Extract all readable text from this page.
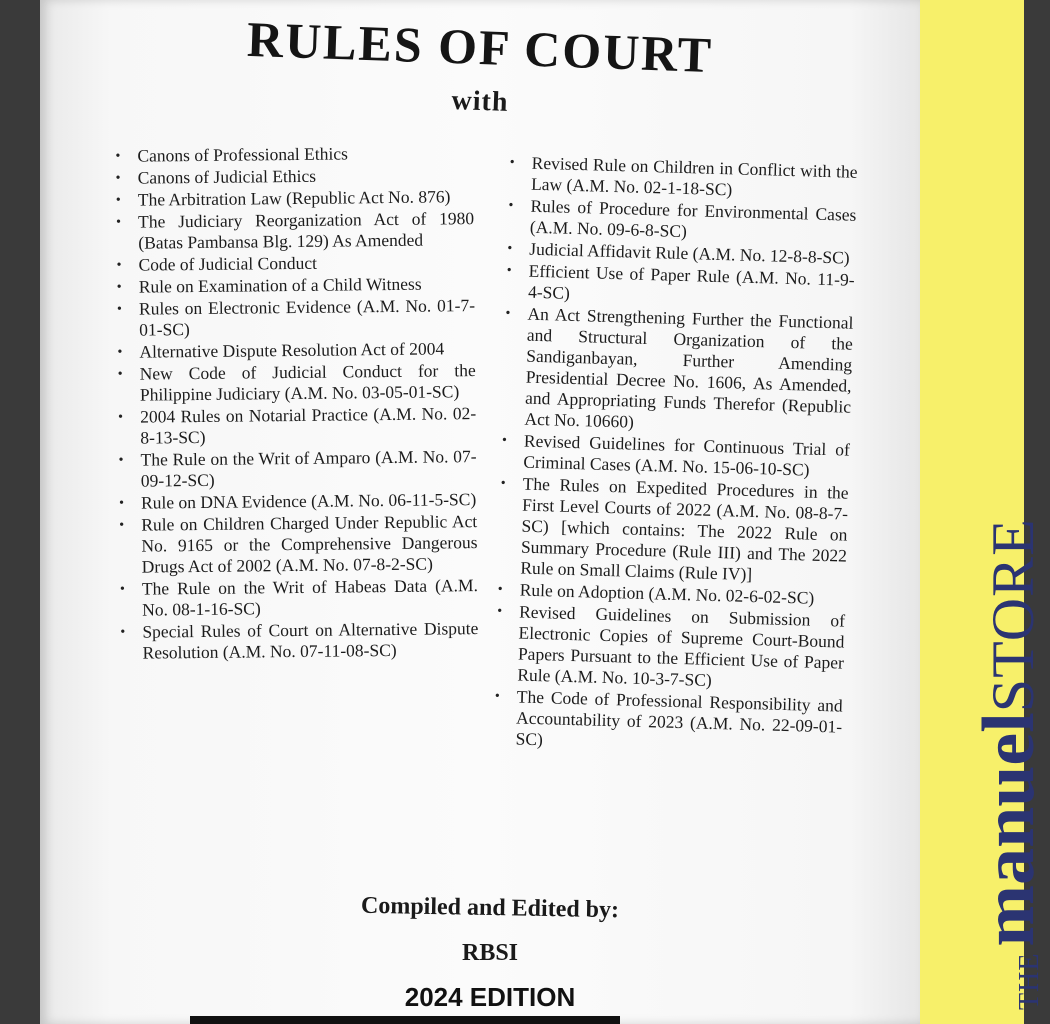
RULES OF COURT
with
• Canons of Professional Ethics
• Canons of Judicial Ethics
• The Arbitration Law (Republic Act No. 876)
• The Judiciary Reorganization Act of 1980 (Batas Pambansa Blg. 129) As Amended
• Code of Judicial Conduct
• Rule on Examination of a Child Witness
• Rules on Electronic Evidence (A.M. No. 01-7-01-SC)
• Alternative Dispute Resolution Act of 2004
• New Code of Judicial Conduct for the Philippine Judiciary (A.M. No. 03-05-01-SC)
• 2004 Rules on Notarial Practice (A.M. No. 02-8-13-SC)
• The Rule on the Writ of Amparo (A.M. No. 07-09-12-SC)
• Rule on DNA Evidence (A.M. No. 06-11-5-SC)
• Rule on Children Charged Under Republic Act No. 9165 or the Comprehensive Dangerous Drugs Act of 2002 (A.M. No. 07-8-2-SC)
• The Rule on the Writ of Habeas Data (A.M. No. 08-1-16-SC)
• Special Rules of Court on Alternative Dispute Resolution (A.M. No. 07-11-08-SC)
• Revised Rule on Children in Conflict with the Law (A.M. No. 02-1-18-SC)
• Rules of Procedure for Environmental Cases (A.M. No. 09-6-8-SC)
• Judicial Affidavit Rule (A.M. No. 12-8-8-SC)
• Efficient Use of Paper Rule (A.M. No. 11-9-4-SC)
• An Act Strengthening Further the Functional and Structural Organization of the Sandiganbayan, Further Amending Presidential Decree No. 1606, As Amended, and Appropriating Funds Therefor (Republic Act No. 10660)
• Revised Guidelines for Continuous Trial of Criminal Cases (A.M. No. 15-06-10-SC)
• The Rules on Expedited Procedures in the First Level Courts of 2022 (A.M. No. 08-8-7-SC) [which contains: The 2022 Rule on Summary Procedure (Rule III) and The 2022 Rule on Small Claims (Rule IV)]
• Rule on Adoption (A.M. No. 02-6-02-SC)
• Revised Guidelines on Submission of Electronic Copies of Supreme Court-Bound Papers Pursuant to the Efficient Use of Paper Rule (A.M. No. 10-3-7-SC)
• The Code of Professional Responsibility and Accountability of 2023 (A.M. No. 22-09-01-SC)
Compiled and Edited by:
RBSI
2024 EDITION	THEmanuelSTORE
